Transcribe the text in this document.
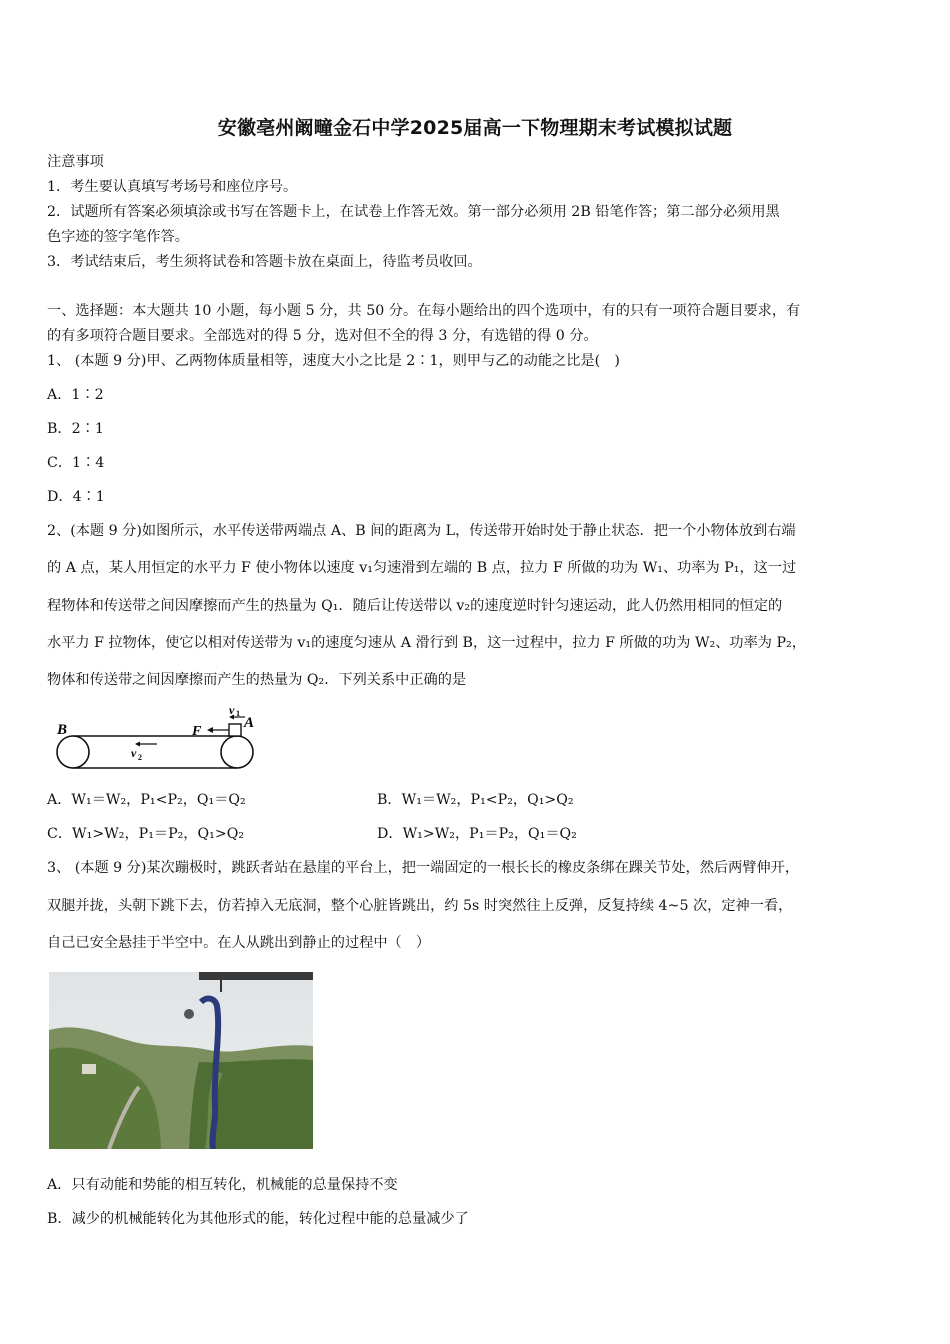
安徽亳州阚疃金石中学2025届高一下物理期末考试模拟试题
注意事项
1．考生要认真填写考场号和座位序号。
2．试题所有答案必须填涂或书写在答题卡上，在试卷上作答无效。第一部分必须用 2B 铅笔作答；第二部分必须用黑
色字迹的签字笔作答。
3．考试结束后，考生须将试卷和答题卡放在桌面上，待监考员收回。
一、选择题：本大题共 10 小题，每小题 5 分，共 50 分。在每小题给出的四个选项中，有的只有一项符合题目要求，有
的有多项符合题目要求。全部选对的得 5 分，选对但不全的得 3 分，有选错的得 0 分。
1、 (本题 9 分)甲、乙两物体质量相等，速度大小之比是 2∶1，则甲与乙的动能之比是(　)
A．1∶2
B．2∶1
C．1∶4
D．4∶1
2、(本题 9 分)如图所示，水平传送带两端点 A、B 间的距离为 L，传送带开始时处于静止状态．把一个小物体放到右端
的 A 点，某人用恒定的水平力 F 使小物体以速度 v₁匀速滑到左端的 B 点，拉力 F 所做的功为 W₁、功率为 P₁，这一过
程物体和传送带之间因摩擦而产生的热量为 Q₁．随后让传送带以 v₂的速度逆时针匀速运动，此人仍然用相同的恒定的
水平力 F 拉物体，使它以相对传送带为 v₁的速度匀速从 A 滑行到 B，这一过程中，拉力 F 所做的功为 W₂、功率为 P₂，
物体和传送带之间因摩擦而产生的热量为 Q₂．下列关系中正确的是
B	A
F
v 1
v 2
A．W₁＝W₂，P₁<P₂，Q₁＝Q₂	B．W₁＝W₂，P₁<P₂，Q₁>Q₂
C．W₁>W₂，P₁＝P₂，Q₁>Q₂	D．W₁>W₂，P₁＝P₂，Q₁＝Q₂
3、 (本题 9 分)某次蹦极时，跳跃者站在悬崖的平台上，把一端固定的一根长长的橡皮条绑在踝关节处，然后两臂伸开，
双腿并拢，头朝下跳下去，仿若掉入无底洞，整个心脏皆跳出，约 5s 时突然往上反弹，反复持续 4~5 次，定神一看，
自己已安全悬挂于半空中。在人从跳出到静止的过程中（　）
A．只有动能和势能的相互转化，机械能的总量保持不变
B．减少的机械能转化为其他形式的能，转化过程中能的总量减少了
